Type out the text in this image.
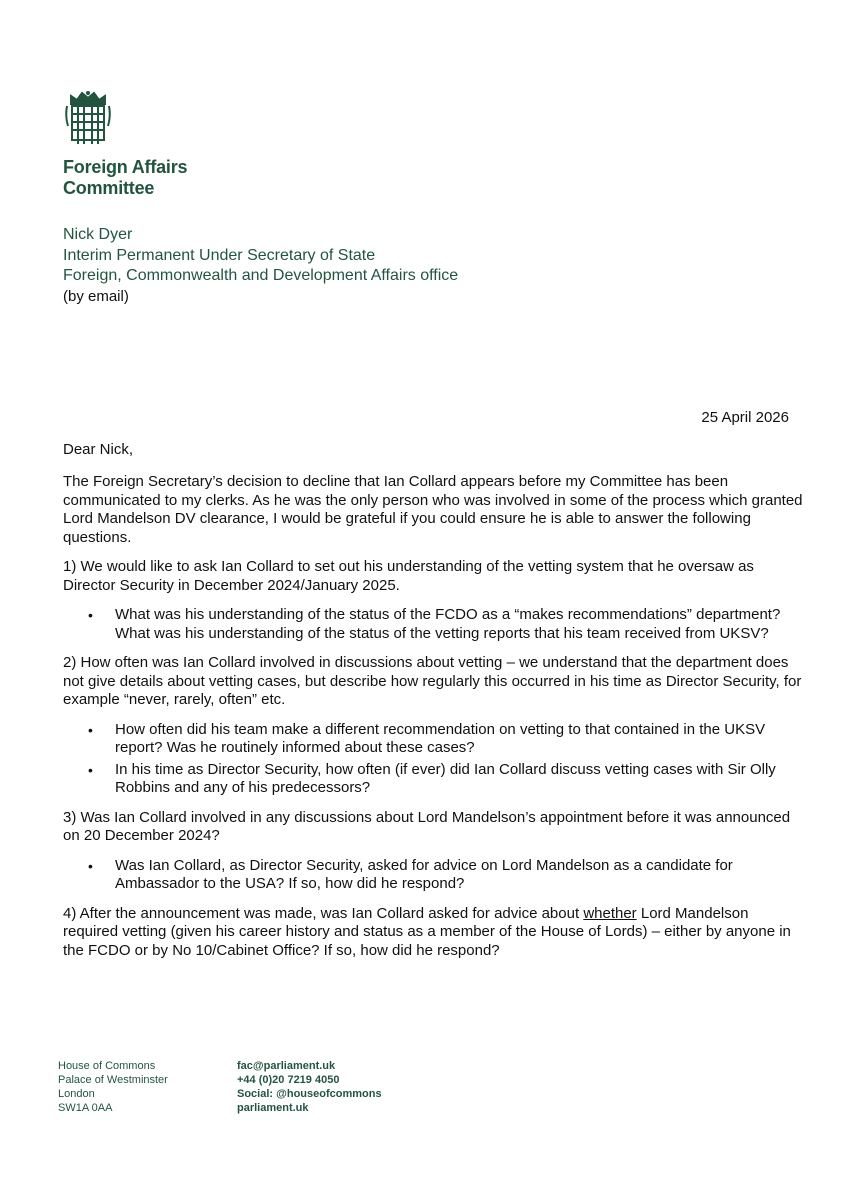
Foreign Affairs
Committee
Nick Dyer
Interim Permanent Under Secretary of State
Foreign, Commonwealth and Development Affairs office
(by email)
25 April 2026
Dear Nick,

The Foreign Secretary’s decision to decline that Ian Collard appears before my Committee has been communicated to my clerks. As he was the only person who was involved in some of the process which granted Lord Mandelson DV clearance, I would be grateful if you could ensure he is able to answer the following questions.

1) We would like to ask Ian Collard to set out his understanding of the vetting system that he oversaw as Director Security in December 2024/January 2025.

• What was his understanding of the status of the FCDO as a “makes recommendations” department? What was his understanding of the status of the vetting reports that his team received from UKSV?

2) How often was Ian Collard involved in discussions about vetting – we understand that the department does not give details about vetting cases, but describe how regularly this occurred in his time as Director Security, for example “never, rarely, often” etc.

• How often did his team make a different recommendation on vetting to that contained in the UKSV report? Was he routinely informed about these cases?
• In his time as Director Security, how often (if ever) did Ian Collard discuss vetting cases with Sir Olly Robbins and any of his predecessors?

3) Was Ian Collard involved in any discussions about Lord Mandelson’s appointment before it was announced on 20 December 2024?

• Was Ian Collard, as Director Security, asked for advice on Lord Mandelson as a candidate for Ambassador to the USA? If so, how did he respond?

4) After the announcement was made, was Ian Collard asked for advice about whether Lord Mandelson required vetting (given his career history and status as a member of the House of Lords) – either by anyone in the FCDO or by No 10/Cabinet Office? If so, how did he respond?

House of Commons
Palace of Westminster
London
SW1A 0AA
fac@parliament.uk
+44 (0)20 7219 4050
Social: @houseofcommons
parliament.uk
